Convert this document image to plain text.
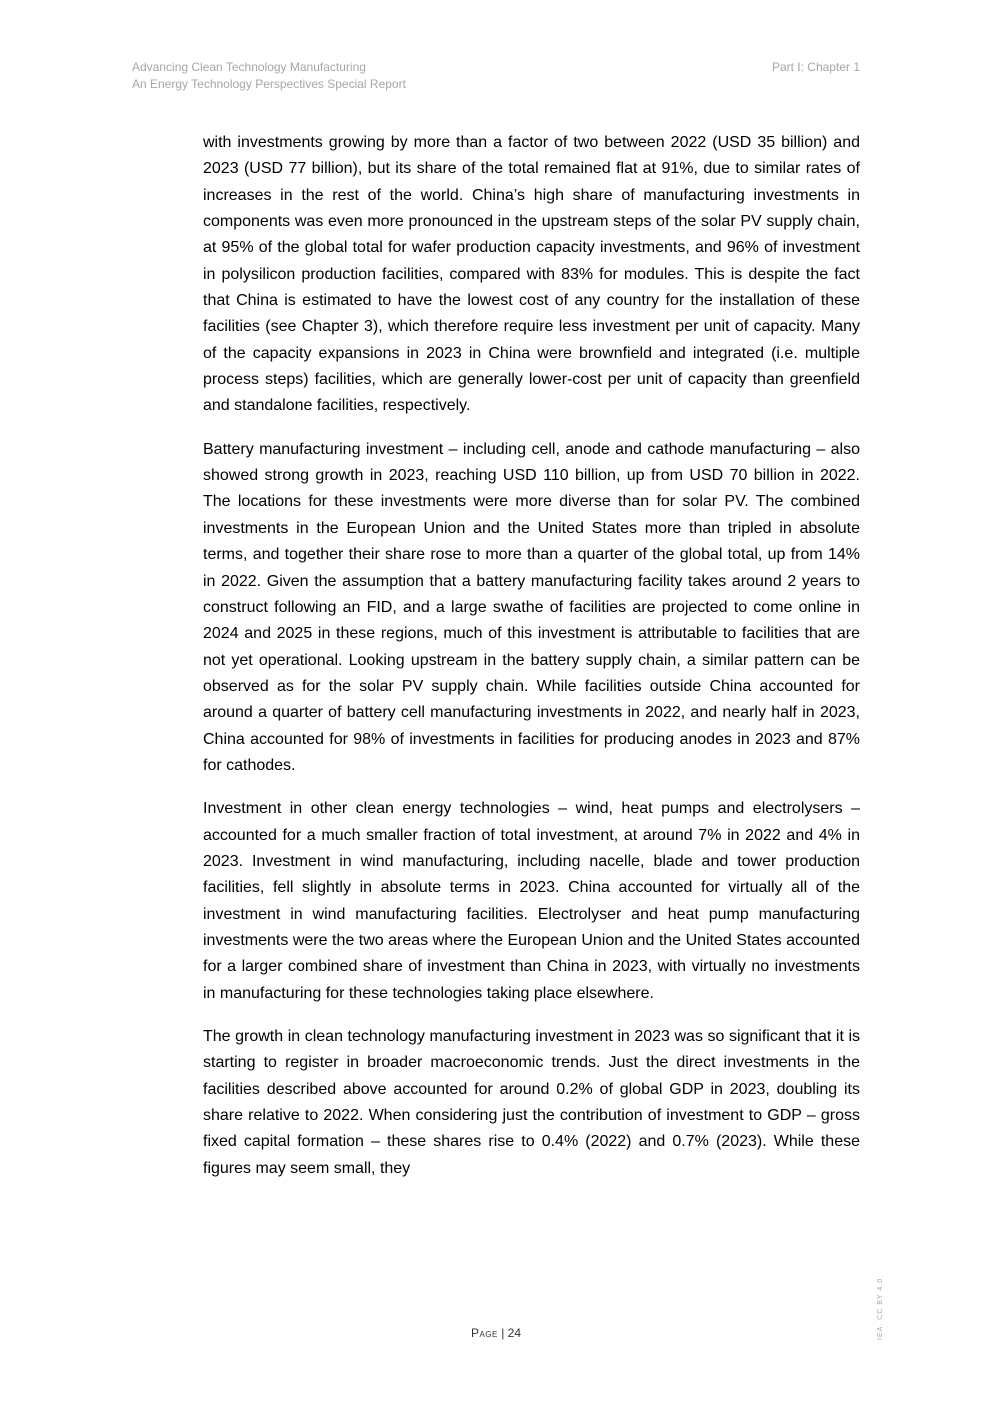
Advancing Clean Technology Manufacturing
An Energy Technology Perspectives Special Report
Part I: Chapter 1

with investments growing by more than a factor of two between 2022 (USD 35 billion) and 2023 (USD 77 billion), but its share of the total remained flat at 91%, due to similar rates of increases in the rest of the world. China’s high share of manufacturing investments in components was even more pronounced in the upstream steps of the solar PV supply chain, at 95% of the global total for wafer production capacity investments, and 96% of investment in polysilicon production facilities, compared with 83% for modules. This is despite the fact that China is estimated to have the lowest cost of any country for the installation of these facilities (see Chapter 3), which therefore require less investment per unit of capacity. Many of the capacity expansions in 2023 in China were brownfield and integrated (i.e. multiple process steps) facilities, which are generally lower-cost per unit of capacity than greenfield and standalone facilities, respectively.

Battery manufacturing investment – including cell, anode and cathode manufacturing – also showed strong growth in 2023, reaching USD 110 billion, up from USD 70 billion in 2022. The locations for these investments were more diverse than for solar PV. The combined investments in the European Union and the United States more than tripled in absolute terms, and together their share rose to more than a quarter of the global total, up from 14% in 2022. Given the assumption that a battery manufacturing facility takes around 2 years to construct following an FID, and a large swathe of facilities are projected to come online in 2024 and 2025 in these regions, much of this investment is attributable to facilities that are not yet operational. Looking upstream in the battery supply chain, a similar pattern can be observed as for the solar PV supply chain. While facilities outside China accounted for around a quarter of battery cell manufacturing investments in 2022, and nearly half in 2023, China accounted for 98% of investments in facilities for producing anodes in 2023 and 87% for cathodes.

Investment in other clean energy technologies – wind, heat pumps and electrolysers – accounted for a much smaller fraction of total investment, at around 7% in 2022 and 4% in 2023. Investment in wind manufacturing, including nacelle, blade and tower production facilities, fell slightly in absolute terms in 2023. China accounted for virtually all of the investment in wind manufacturing facilities. Electrolyser and heat pump manufacturing investments were the two areas where the European Union and the United States accounted for a larger combined share of investment than China in 2023, with virtually no investments in manufacturing for these technologies taking place elsewhere.

The growth in clean technology manufacturing investment in 2023 was so significant that it is starting to register in broader macroeconomic trends. Just the direct investments in the facilities described above accounted for around 0.2% of global GDP in 2023, doubling its share relative to 2022. When considering just the contribution of investment to GDP – gross fixed capital formation – these shares rise to 0.4% (2022) and 0.7% (2023). While these figures may seem small, they

Page | 24	IEA. CC BY 4.0.
